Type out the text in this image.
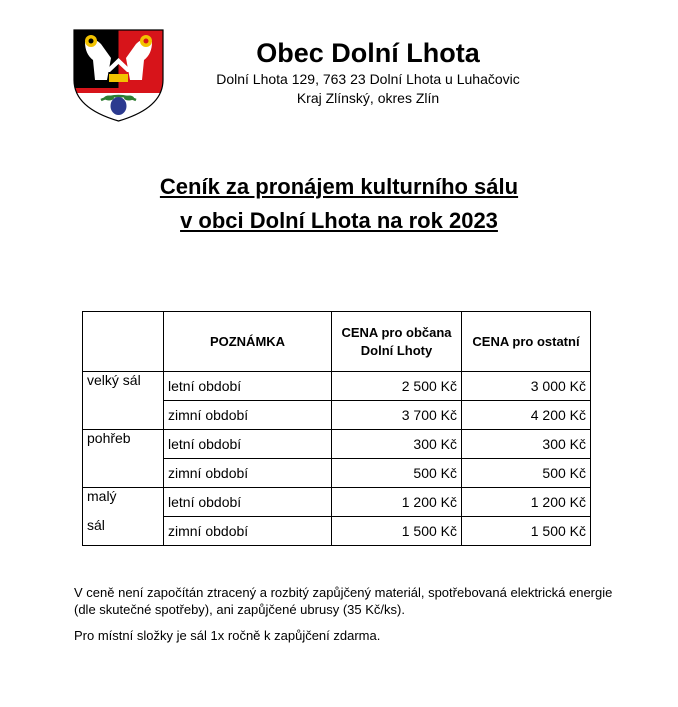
Obec Dolní Lhota
Dolní Lhota 129, 763 23 Dolní Lhota u Luhačovic
Kraj Zlínský, okres Zlín
Ceník za pronájem kulturního sálu
v obci Dolní Lhota na rok 2023
	POZNÁMKA	CENA pro občana Dolní Lhoty	CENA pro ostatní
velký sál	letní období	2 500 Kč	3 000 Kč
	zimní období	3 700 Kč	4 200 Kč
pohřeb	letní období	300 Kč	300 Kč
	zimní období	500 Kč	500 Kč
malý	letní období	1 200 Kč	1 200 Kč
sál	zimní období	1 500 Kč	1 500 Kč

V ceně není započítán ztracený a rozbitý zapůjčený materiál, spotřebovaná elektrická energie (dle skutečné spotřeby), ani zapůjčené ubrusy (35 Kč/ks).

Pro místní složky je sál 1x ročně k zapůjčení zdarma.
